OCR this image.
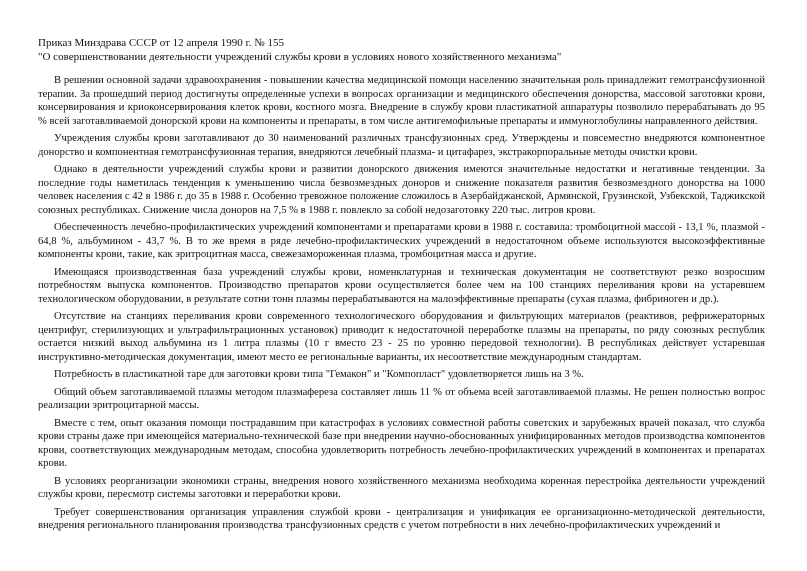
Приказ Минздрава СССР от 12 апреля 1990 г. № 155
"О совершенствовании деятельности учреждений службы крови в условиях нового хозяйственного механизма"

В решении основной задачи здравоохранения - повышении качества медицинской помощи населению значительная роль принадлежит гемотрансфузионной терапии. За прошедший период достигнуты определенные успехи в вопросах организации и медицинского обеспечения донорства, массовой заготовки крови, консервирования и криоконсервирования клеток крови, костного мозга. Внедрение в службу крови пластикатной аппаратуры позволило перерабатывать до 95 % всей заготавливаемой донорской крови на компоненты и препараты, в том числе антигемофильные препараты и иммуноглобулины направленного действия.

Учреждения службы крови заготавливают до 30 наименований различных трансфузионных сред. Утверждены и повсеместно внедряются компонентное донорство и компонентная гемотрансфузионная терапия, внедряются лечебный плазма- и цитафарез, экстракорпоральные методы очистки крови.

Однако в деятельности учреждений службы крови и развитии донорского движения имеются значительные недостатки и негативные тенденции. За последние годы наметилась тенденция к уменьшению числа безвозмездных доноров и снижение показателя развития безвозмездного донорства на 1000 человек населения с 42 в 1986 г. до 35 в 1988 г. Особенно тревожное положение сложилось в Азербайджанской, Армянской, Грузинской, Узбекской, Таджикской союзных республиках. Снижение числа доноров на 7,5 % в 1988 г. повлекло за собой недозаготовку 220 тыс. литров крови.

Обеспеченность лечебно-профилактических учреждений компонентами и препаратами крови в 1988 г. составила: тромбоцитной массой - 13,1 %, плазмой - 64,8 %, альбумином - 43,7 %. В то же время в ряде лечебно-профилактических учреждений в недостаточном объеме используются высокоэффективные компоненты крови, такие, как эритроцитная масса, свежезамороженная плазма, тромбоцитная масса и другие.

Имеющаяся производственная база учреждений службы крови, номенклатурная и техническая документация не соответствуют резко возросшим потребностям выпуска компонентов. Производство препаратов крови осуществляется более чем на 100 станциях переливания крови на устаревшем технологическом оборудовании, в результате сотни тонн плазмы перерабатываются на малоэффективные препараты (сухая плазма, фибриноген и др.).

Отсутствие на станциях переливания крови современного технологического оборудования и фильтрующих материалов (реактивов, рефрижераторных центрифуг, стерилизующих и ультрафильтрационных установок) приводит к недостаточной переработке плазмы на препараты, по ряду союзных республик остается низкий выход альбумина из 1 литра плазмы (10 г вместо 23 - 25 по уровню передовой технологии). В республиках действует устаревшая инструктивно-методическая документация, имеют место ее региональные варианты, их несоответствие международным стандартам.

Потребность в пластикатной таре для заготовки крови типа "Гемакон" и "Компопласт" удовлетворяется лишь на 3 %.

Общий объем заготавливаемой плазмы методом плазмафереза составляет лишь 11 % от объема всей заготавливаемой плазмы. Не решен полностью вопрос реализации эритроцитарной массы.

Вместе с тем, опыт оказания помощи пострадавшим при катастрофах в условиях совместной работы советских и зарубежных врачей показал, что служба крови страны даже при имеющейся материально-технической базе при внедрении научно-обоснованных унифицированных методов производства компонентов крови, соответствующих международным методам, способна удовлетворить потребность лечебно-профилактических учреждений в компонентах и препаратах крови.

В условиях реорганизации экономики страны, внедрения нового хозяйственного механизма необходима коренная перестройка деятельности учреждений службы крови, пересмотр системы заготовки и переработки крови.

Требует совершенствования организация управления службой крови - централизация и унификация ее организационно-методической деятельности, внедрения регионального планирования производства трансфузионных средств с учетом потребности в них лечебно-профилактических учреждений и
